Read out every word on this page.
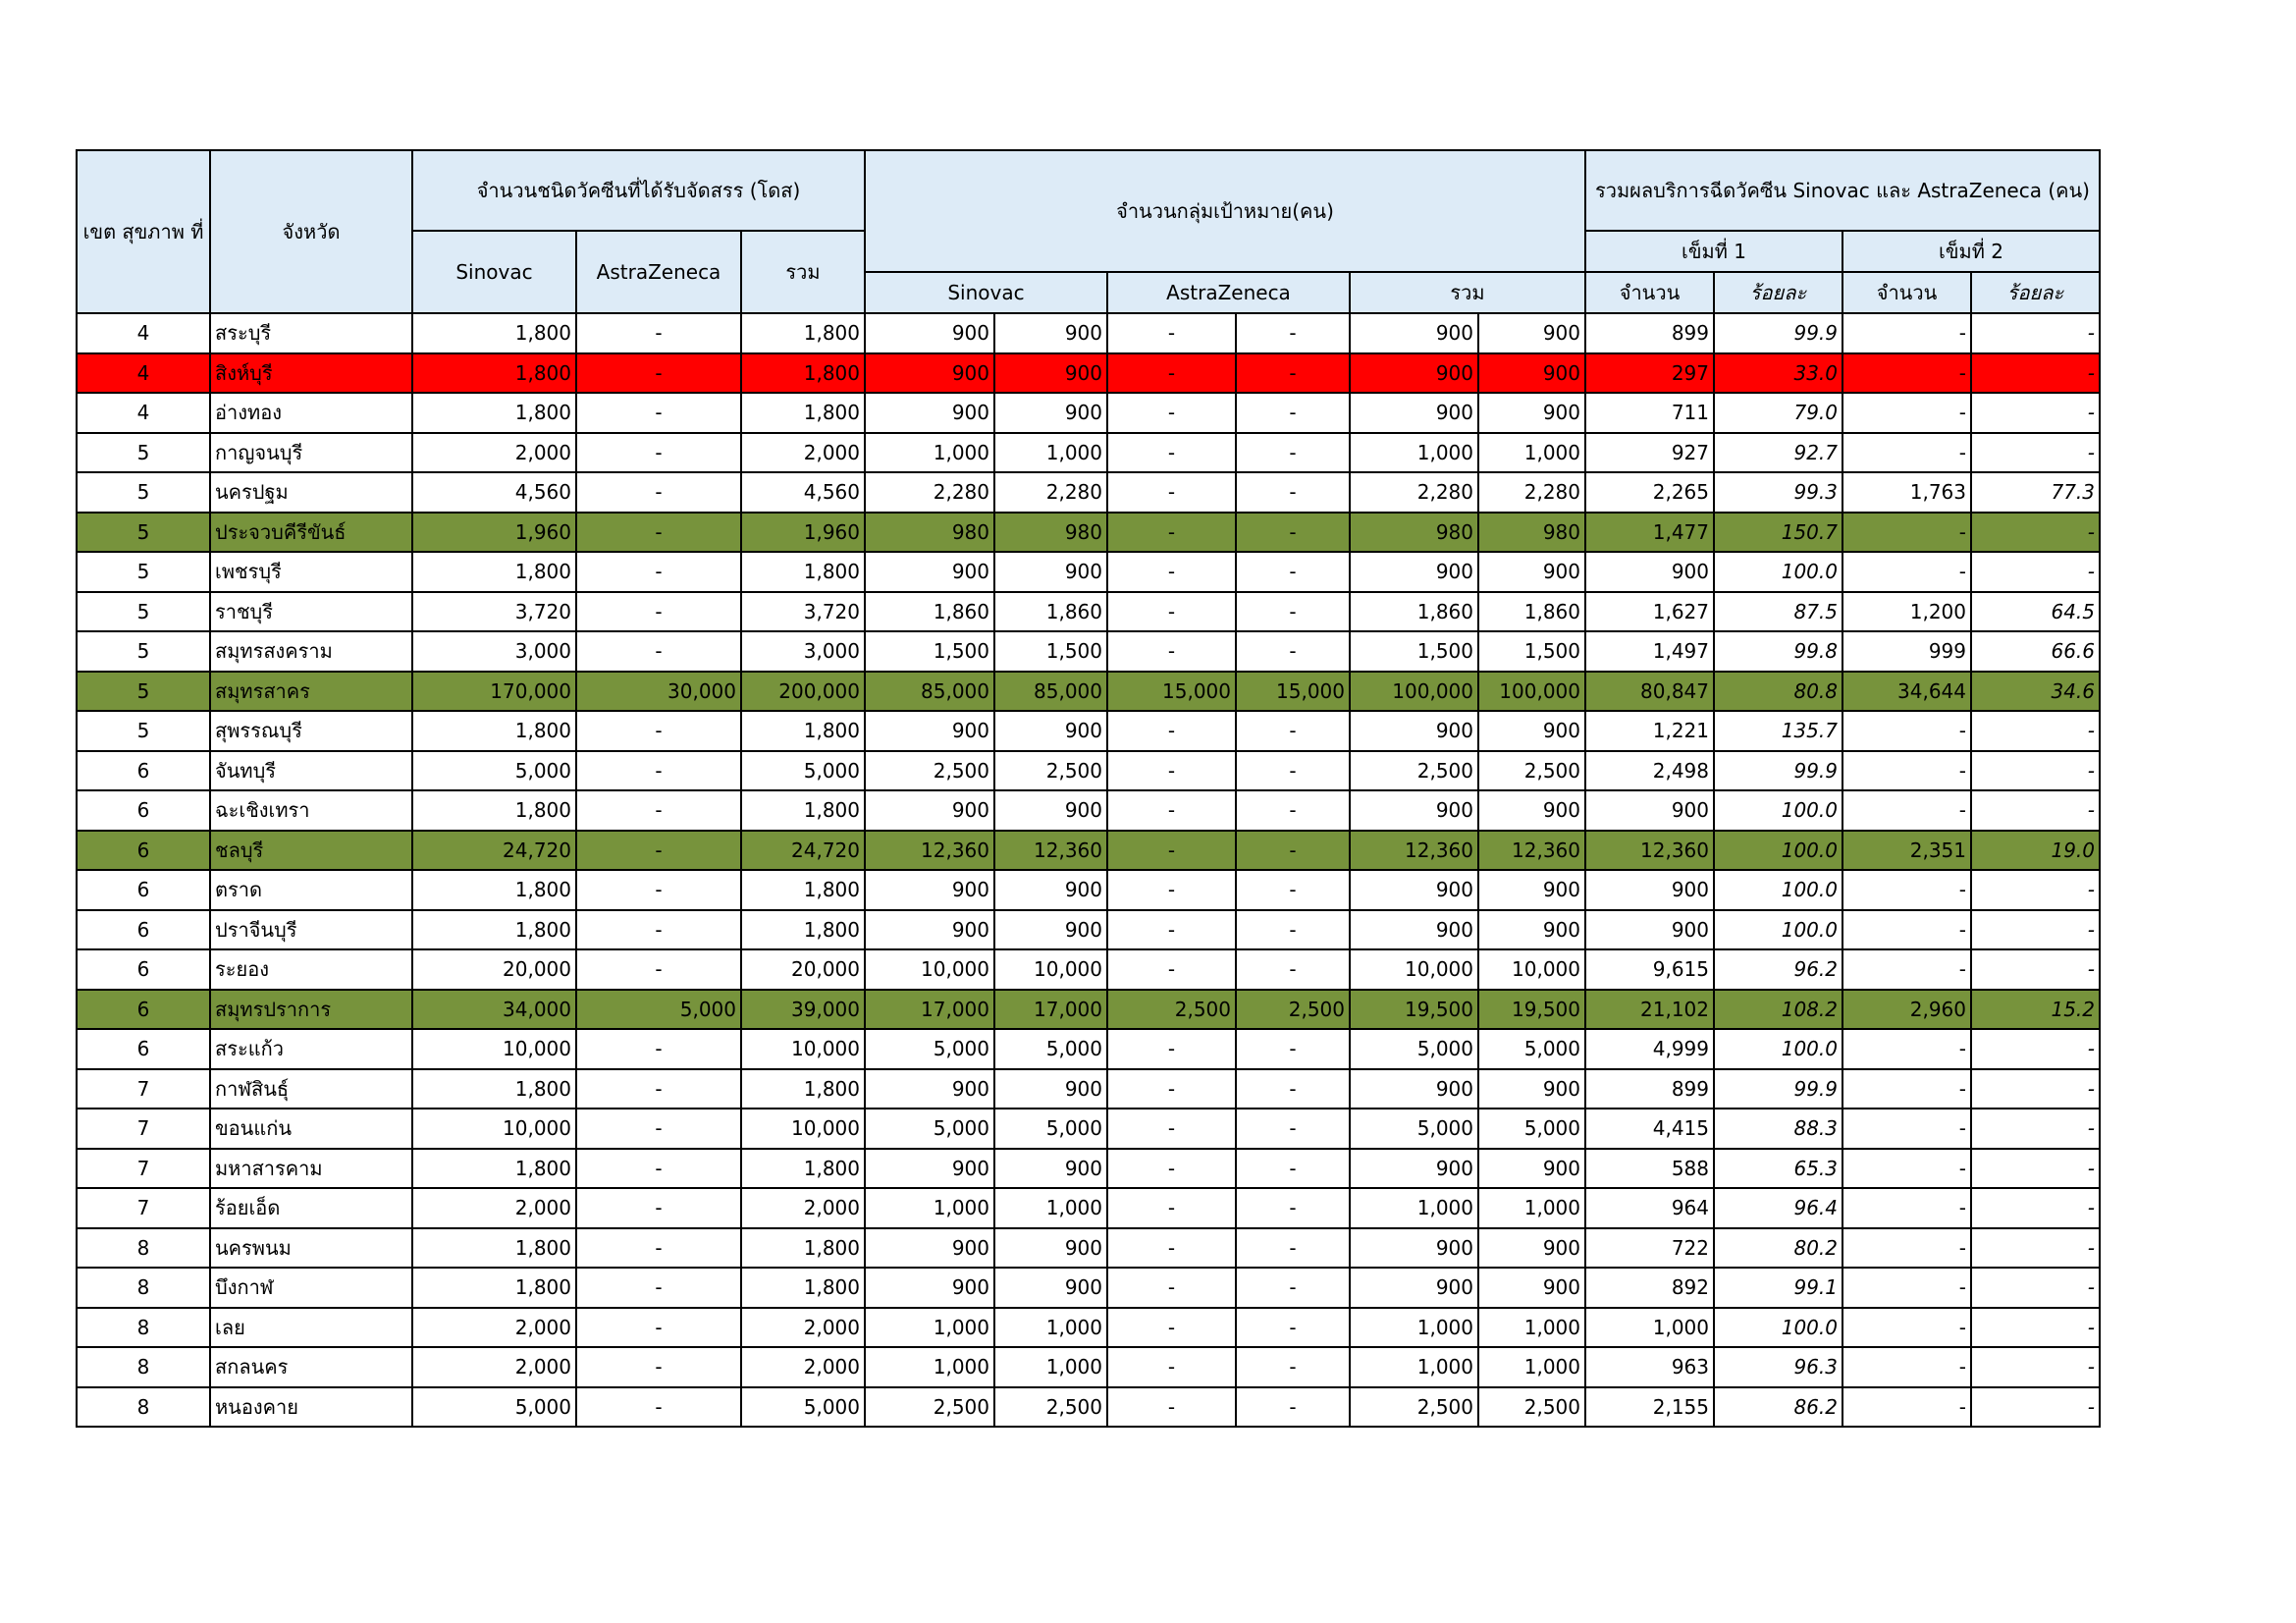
เขต สุขภาพ ที่	จังหวัด	จำนวนชนิดวัคซีนที่ได้รับจัดสรร (โดส)			จำนวนกลุ่มเป้าหมาย(คน)						รวมผลบริการฉีดวัคซีน Sinovac และ AstraZeneca (คน)			
		Sinovac	AstraZeneca	รวม							เข็มที่ 1		เข็มที่ 2	
					Sinovac		AstraZeneca		รวม		จำนวน	ร้อยละ	จำนวน	ร้อยละ
4	สระบุรี	1,800	-	1,800	900	900	-	-	900	900	899	99.9	-	-
4	สิงห์บุรี	1,800	-	1,800	900	900	-	-	900	900	297	33.0	-	-
4	อ่างทอง	1,800	-	1,800	900	900	-	-	900	900	711	79.0	-	-
5	กาญจนบุรี	2,000	-	2,000	1,000	1,000	-	-	1,000	1,000	927	92.7	-	-
5	นครปฐม	4,560	-	4,560	2,280	2,280	-	-	2,280	2,280	2,265	99.3	1,763	77.3
5	ประจวบคีรีขันธ์	1,960	-	1,960	980	980	-	-	980	980	1,477	150.7	-	-
5	เพชรบุรี	1,800	-	1,800	900	900	-	-	900	900	900	100.0	-	-
5	ราชบุรี	3,720	-	3,720	1,860	1,860	-	-	1,860	1,860	1,627	87.5	1,200	64.5
5	สมุทรสงคราม	3,000	-	3,000	1,500	1,500	-	-	1,500	1,500	1,497	99.8	999	66.6
5	สมุทรสาคร	170,000	30,000	200,000	85,000	85,000	15,000	15,000	100,000	100,000	80,847	80.8	34,644	34.6
5	สุพรรณบุรี	1,800	-	1,800	900	900	-	-	900	900	1,221	135.7	-	-
6	จันทบุรี	5,000	-	5,000	2,500	2,500	-	-	2,500	2,500	2,498	99.9	-	-
6	ฉะเชิงเทรา	1,800	-	1,800	900	900	-	-	900	900	900	100.0	-	-
6	ชลบุรี	24,720	-	24,720	12,360	12,360	-	-	12,360	12,360	12,360	100.0	2,351	19.0
6	ตราด	1,800	-	1,800	900	900	-	-	900	900	900	100.0	-	-
6	ปราจีนบุรี	1,800	-	1,800	900	900	-	-	900	900	900	100.0	-	-
6	ระยอง	20,000	-	20,000	10,000	10,000	-	-	10,000	10,000	9,615	96.2	-	-
6	สมุทรปราการ	34,000	5,000	39,000	17,000	17,000	2,500	2,500	19,500	19,500	21,102	108.2	2,960	15.2
6	สระแก้ว	10,000	-	10,000	5,000	5,000	-	-	5,000	5,000	4,999	100.0	-	-
7	กาฬสินธุ์	1,800	-	1,800	900	900	-	-	900	900	899	99.9	-	-
7	ขอนแก่น	10,000	-	10,000	5,000	5,000	-	-	5,000	5,000	4,415	88.3	-	-
7	มหาสารคาม	1,800	-	1,800	900	900	-	-	900	900	588	65.3	-	-
7	ร้อยเอ็ด	2,000	-	2,000	1,000	1,000	-	-	1,000	1,000	964	96.4	-	-
8	นครพนม	1,800	-	1,800	900	900	-	-	900	900	722	80.2	-	-
8	บึงกาฬ	1,800	-	1,800	900	900	-	-	900	900	892	99.1	-	-
8	เลย	2,000	-	2,000	1,000	1,000	-	-	1,000	1,000	1,000	100.0	-	-
8	สกลนคร	2,000	-	2,000	1,000	1,000	-	-	1,000	1,000	963	96.3	-	-
8	หนองคาย	5,000	-	5,000	2,500	2,500	-	-	2,500	2,500	2,155	86.2	-	-
